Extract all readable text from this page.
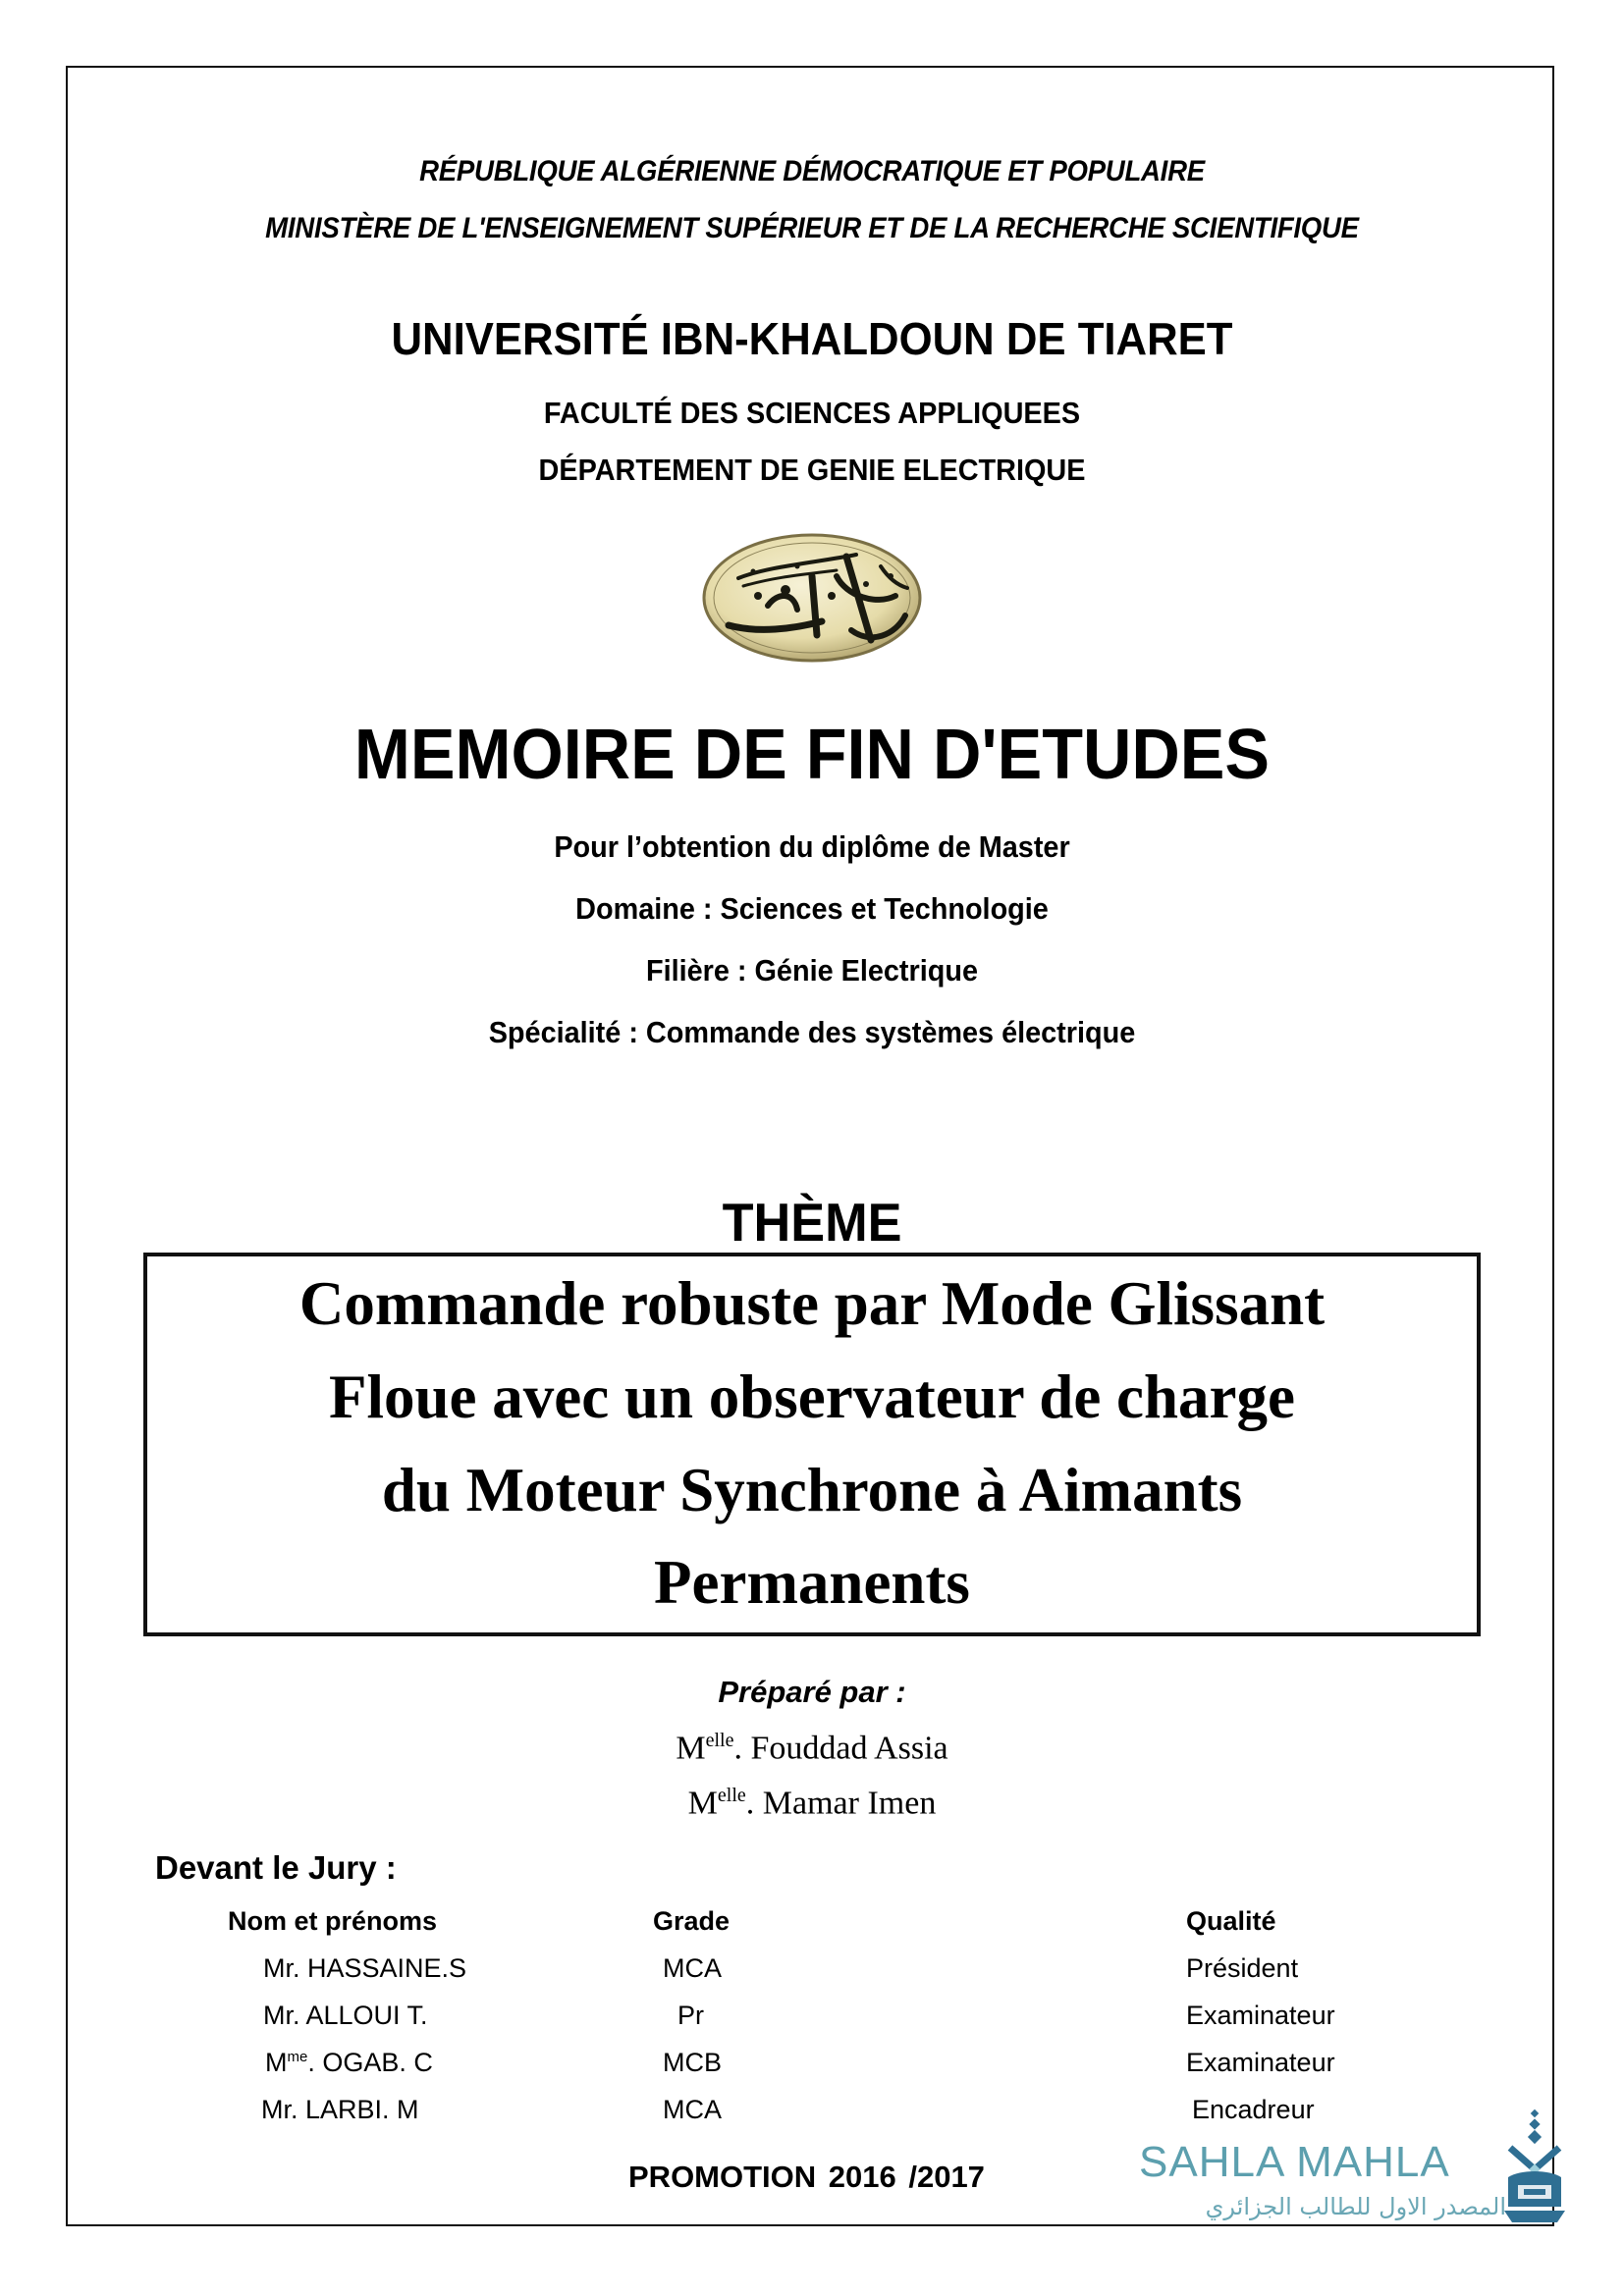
RÉPUBLIQUE ALGÉRIENNE DÉMOCRATIQUE ET POPULAIRE
MINISTÈRE DE L'ENSEIGNEMENT SUPÉRIEUR ET DE LA RECHERCHE SCIENTIFIQUE
UNIVERSITÉ IBN-KHALDOUN DE TIARET
FACULTÉ DES SCIENCES APPLIQUEES
DÉPARTEMENT DE GENIE ELECTRIQUE
MEMOIRE DE FIN D'ETUDES
Pour l’obtention du diplôme de Master
Domaine : Sciences et Technologie
Filière : Génie Electrique
Spécialité : Commande des systèmes électrique
THÈME
Commande robuste par Mode Glissant
Floue avec un observateur de charge
du Moteur Synchrone à Aimants
Permanents
Préparé par :
$M^{elle}$. Fouddad Assia
$M^{elle}$. Mamar Imen
Devant le Jury :
Nom et prénoms	Grade	Qualité
Mr. HASSAINE.S	MCA	Président
Mr. ALLOUI T.	Pr	Examinateur
$M^{me}$. OGAB. C	MCB	Examinateur
Mr. LARBI. M	MCA	Encadreur
PROMOTION 2016 /2017	SAHLA MAHLA
المصدر الاول للطالب الجزائري
